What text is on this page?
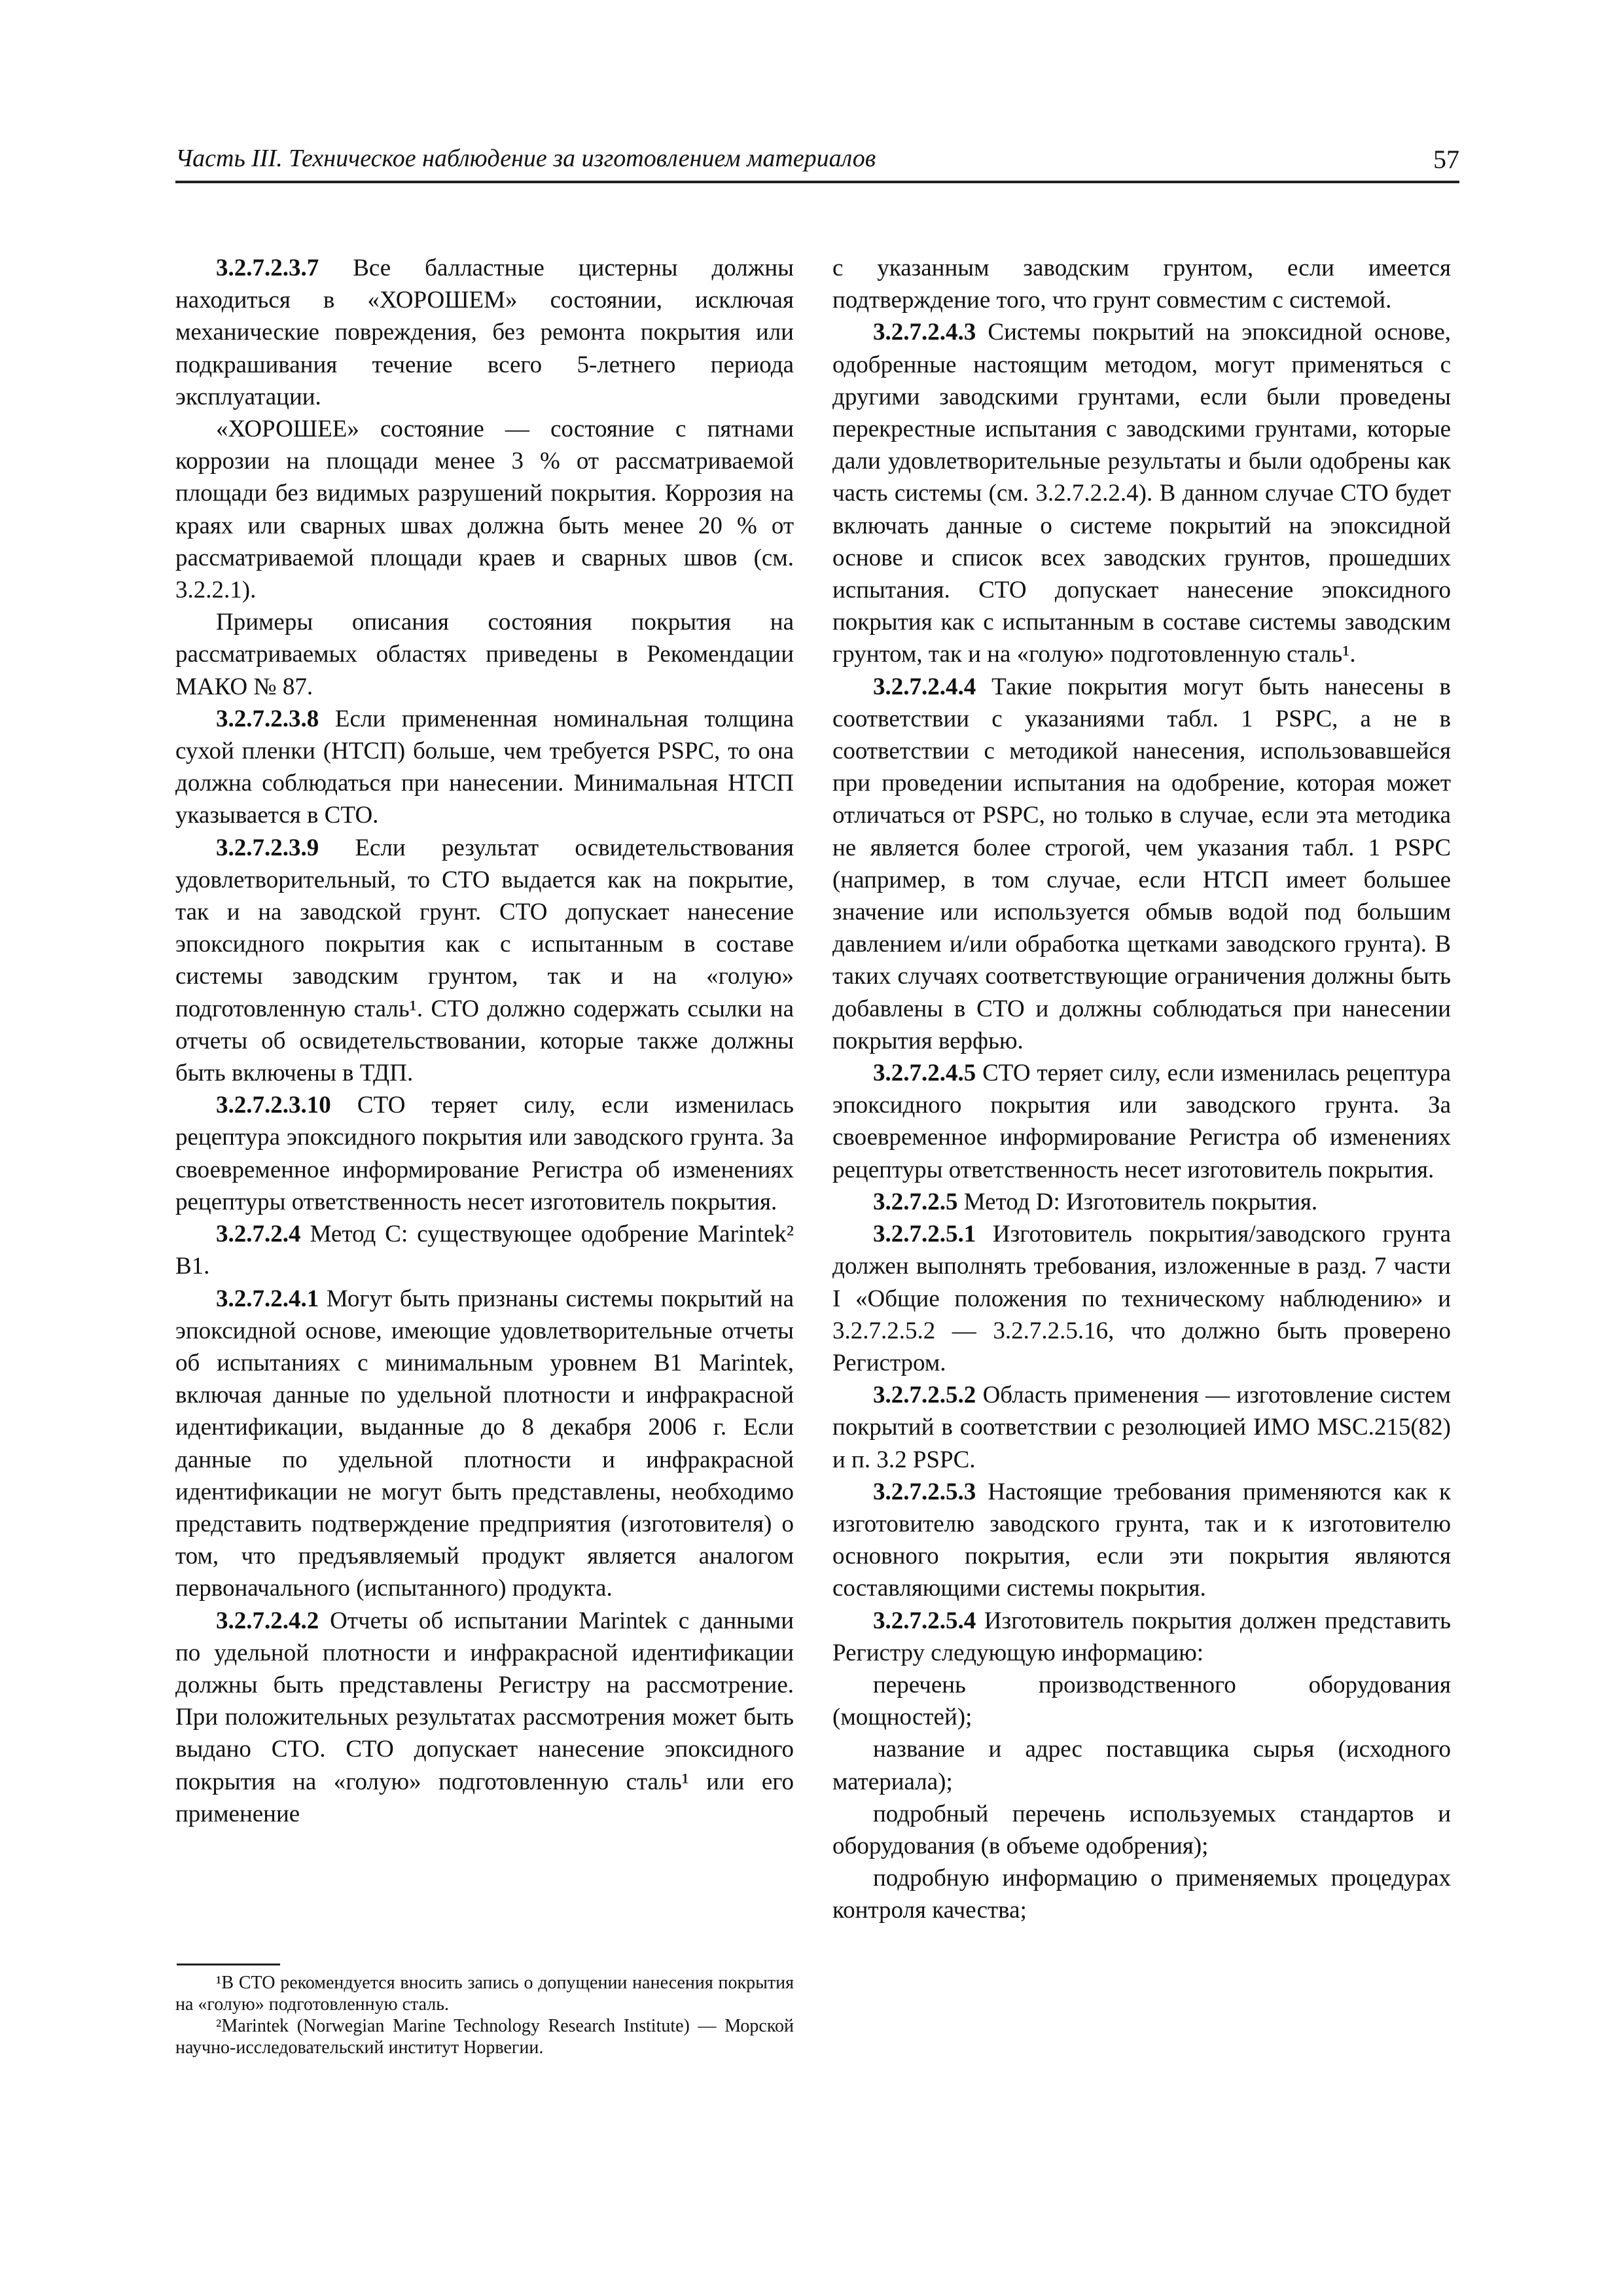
Часть III. Техническое наблюдение за изготовлением материалов	57

3.2.7.2.3.7 Все балластные цистерны должны находиться в «ХОРОШЕМ» состоянии, исключая механические повреждения, без ремонта покрытия или подкрашивания течение всего 5-летнего периода эксплуатации.

«ХОРОШЕЕ» состояние — состояние с пятнами коррозии на площади менее 3 % от рассматриваемой площади без видимых разрушений покрытия. Коррозия на краях или сварных швах должна быть менее 20 % от рассматриваемой площади краев и сварных швов (см. 3.2.2.1).

Примеры описания состояния покрытия на рассматриваемых областях приведены в Рекомендации МАКО № 87.

3.2.7.2.3.8 Если примененная номинальная толщина сухой пленки (НТСП) больше, чем требуется PSPC, то она должна соблюдаться при нанесении. Минимальная НТСП указывается в СТО.

3.2.7.2.3.9 Если результат освидетельствования удовлетворительный, то СТО выдается как на покрытие, так и на заводской грунт. СТО допускает нанесение эпоксидного покрытия как с испытанным в составе системы заводским грунтом, так и на «голую» подготовленную сталь¹. СТО должно содержать ссылки на отчеты об освидетельствовании, которые также должны быть включены в ТДП.

3.2.7.2.3.10 СТО теряет силу, если изменилась рецептура эпоксидного покрытия или заводского грунта. За своевременное информирование Регистра об изменениях рецептуры ответственность несет изготовитель покрытия.

3.2.7.2.4 Метод С: существующее одобрение Marintek² B1.

3.2.7.2.4.1 Могут быть признаны системы покрытий на эпоксидной основе, имеющие удовлетворительные отчеты об испытаниях с минимальным уровнем B1 Marintek, включая данные по удельной плотности и инфракрасной идентификации, выданные до 8 декабря 2006 г. Если данные по удельной плотности и инфракрасной идентификации не могут быть представлены, необходимо представить подтверждение предприятия (изготовителя) о том, что предъявляемый продукт является аналогом первоначального (испытанного) продукта.

3.2.7.2.4.2 Отчеты об испытании Marintek с данными по удельной плотности и инфракрасной идентификации должны быть представлены Регистру на рассмотрение. При положительных результатах рассмотрения может быть выдано СТО. СТО допускает нанесение эпоксидного покрытия на «голую» подготовленную сталь¹ или его применение

с указанным заводским грунтом, если имеется подтверждение того, что грунт совместим с системой.

3.2.7.2.4.3 Системы покрытий на эпоксидной основе, одобренные настоящим методом, могут применяться с другими заводскими грунтами, если были проведены перекрестные испытания с заводскими грунтами, которые дали удовлетворительные результаты и были одобрены как часть системы (см. 3.2.7.2.2.4). В данном случае СТО будет включать данные о системе покрытий на эпоксидной основе и список всех заводских грунтов, прошедших испытания. СТО допускает нанесение эпоксидного покрытия как с испытанным в составе системы заводским грунтом, так и на «голую» подготовленную сталь¹.

3.2.7.2.4.4 Такие покрытия могут быть нанесены в соответствии с указаниями табл. 1 PSPC, а не в соответствии с методикой нанесения, использовавшейся при проведении испытания на одобрение, которая может отличаться от PSPC, но только в случае, если эта методика не является более строгой, чем указания табл. 1 PSPC (например, в том случае, если НТСП имеет большее значение или используется обмыв водой под большим давлением и/или обработка щетками заводского грунта). В таких случаях соответствующие ограничения должны быть добавлены в СТО и должны соблюдаться при нанесении покрытия верфью.

3.2.7.2.4.5 СТО теряет силу, если изменилась рецептура эпоксидного покрытия или заводского грунта. За своевременное информирование Регистра об изменениях рецептуры ответственность несет изготовитель покрытия.

3.2.7.2.5 Метод D: Изготовитель покрытия.

3.2.7.2.5.1 Изготовитель покрытия/заводского грунта должен выполнять требования, изложенные в разд. 7 части I «Общие положения по техническому наблюдению» и 3.2.7.2.5.2 — 3.2.7.2.5.16, что должно быть проверено Регистром.

3.2.7.2.5.2 Область применения — изготовление систем покрытий в соответствии с резолюцией ИМО MSC.215(82) и п. 3.2 PSPC.

3.2.7.2.5.3 Настоящие требования применяются как к изготовителю заводского грунта, так и к изготовителю основного покрытия, если эти покрытия являются составляющими системы покрытия.

3.2.7.2.5.4 Изготовитель покрытия должен представить Регистру следующую информацию:

перечень производственного оборудования (мощностей);

название и адрес поставщика сырья (исходного материала);

подробный перечень используемых стандартов и оборудования (в объеме одобрения);

подробную информацию о применяемых процедурах контроля качества;

¹В СТО рекомендуется вносить запись о допущении нанесения покрытия на «голую» подготовленную сталь.

²Marintek (Norwegian Marine Technology Research Institute) — Морской научно-исследовательский институт Норвегии.
